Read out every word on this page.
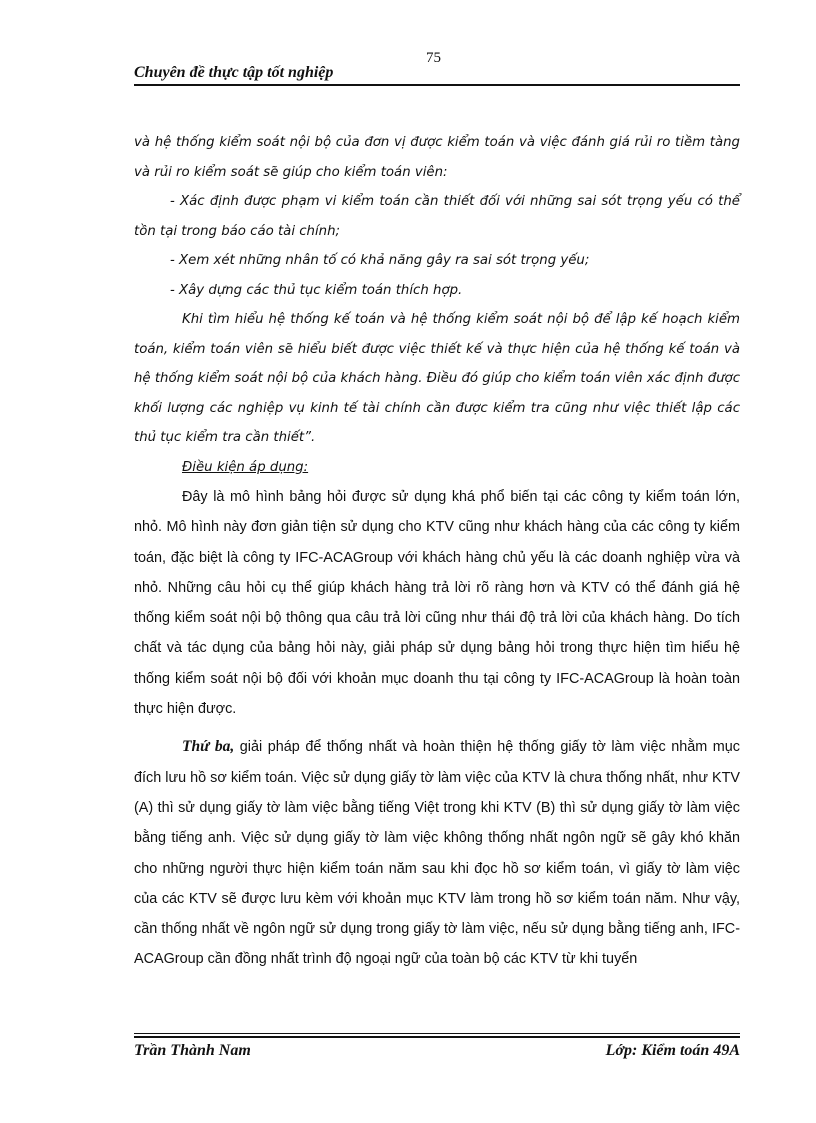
75
Chuyên đề thực tập tốt nghiệp

và hệ thống kiểm soát nội bộ của đơn vị được kiểm toán và việc đánh giá rủi ro tiềm tàng và rủi ro kiểm soát sẽ giúp cho kiểm toán viên:

- Xác định được phạm vi kiểm toán cần thiết đối với những sai sót trọng yếu có thể tồn tại trong báo cáo tài chính;

- Xem xét những nhân tố có khả năng gây ra sai sót trọng yếu;

- Xây dựng các thủ tục kiểm toán thích hợp.

Khi tìm hiểu hệ thống kế toán và hệ thống kiểm soát nội bộ để lập kế hoạch kiểm toán, kiểm toán viên sẽ hiểu biết được việc thiết kế và thực hiện của hệ thống kế toán và hệ thống kiểm soát nội bộ của khách hàng. Điều đó giúp cho kiểm toán viên xác định được khối lượng các nghiệp vụ kinh tế tài chính cần được kiểm tra cũng như việc thiết lập các thủ tục kiểm tra cần thiết”.

Điều kiện áp dụng:

Đây là mô hình bảng hỏi được sử dụng khá phổ biến tại các công ty kiểm toán lớn, nhỏ. Mô hình này đơn giản tiện sử dụng cho KTV cũng như khách hàng của các công ty kiểm toán, đặc biệt là công ty IFC-ACAGroup với khách hàng chủ yếu là các doanh nghiệp vừa và nhỏ. Những câu hỏi cụ thể giúp khách hàng trả lời rõ ràng hơn và KTV có thể đánh giá hệ thống kiểm soát nội bộ thông qua câu trả lời cũng như thái độ trả lời của khách hàng. Do tích chất và tác dụng của bảng hỏi này, giải pháp sử dụng bảng hỏi trong thực hiện tìm hiểu hệ thống kiểm soát nội bộ đối với khoản mục doanh thu tại công ty IFC-ACAGroup là hoàn toàn thực hiện được.

Thứ ba, giải pháp để thống nhất và hoàn thiện hệ thống giấy tờ làm việc nhằm mục đích lưu hồ sơ kiểm toán. Việc sử dụng giấy tờ làm việc của KTV là chưa thống nhất, như KTV (A) thì sử dụng giấy tờ làm việc bằng tiếng Việt trong khi KTV (B) thì sử dụng giấy tờ làm việc bằng tiếng anh. Việc sử dụng giấy tờ làm việc không thống nhất ngôn ngữ sẽ gây khó khăn cho những người thực hiện kiểm toán năm sau khi đọc hồ sơ kiểm toán, vì giấy tờ làm việc của các KTV sẽ được lưu kèm với khoản mục KTV làm trong hồ sơ kiểm toán năm. Như vậy, cần thống nhất về ngôn ngữ sử dụng trong giấy tờ làm việc, nếu sử dụng bằng tiếng anh, IFC-ACAGroup cần đồng nhất trình độ ngoại ngữ của toàn bộ các KTV từ khi tuyển

Trần Thành Nam	Lớp: Kiểm toán 49A
